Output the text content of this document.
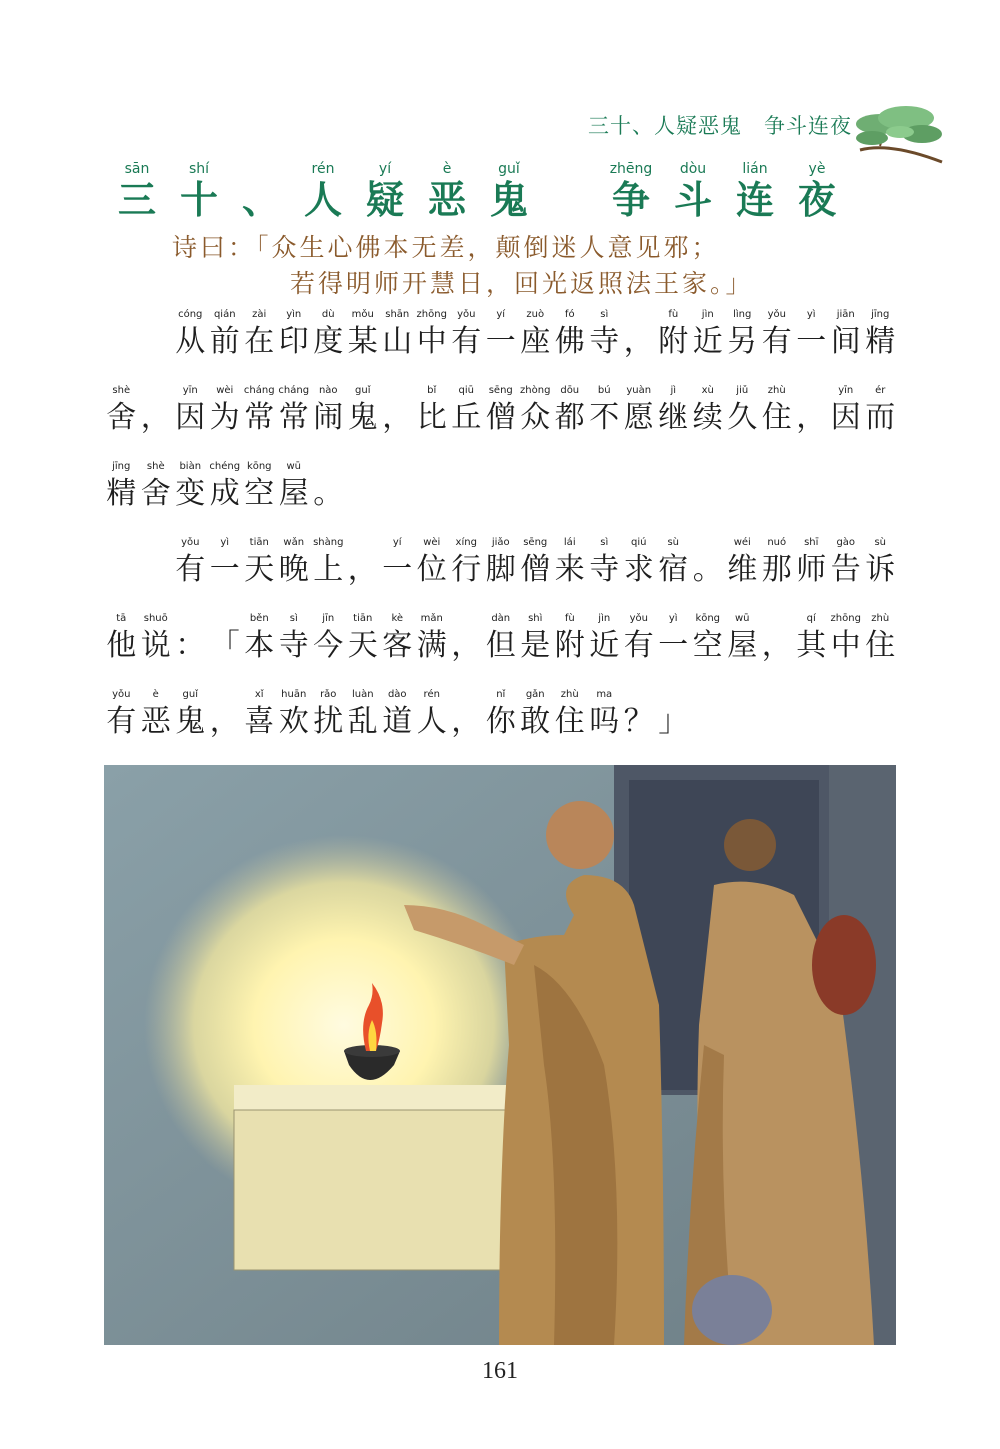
三十、人疑恶鬼　争斗连夜
sān
三
shí
十 、
rén
人
yí
疑
è
恶
guǐ
鬼
zhēng
争
dòu
斗
lián
连
yè
夜
诗曰：「众生心佛本无差，颠倒迷人意见邪；
若得明师开慧日，回光返照法王家。」

cóng
从
qián
前
zài
在
yìn
印
dù
度
mǒu
某
shān
山
zhōng
中
yǒu
有
yí
一
zuò
座
fó
佛
sì
寺 ，
fù
附
jìn
近
lìng
另
yǒu
有
yì
一
jiān
间
jīng
精
shè
舍 ，
yīn
因
wèi
为
cháng
常
cháng
常
nào
闹
guǐ
鬼 ，
bǐ
比
qiū
丘
sēng
僧
zhòng
众
dōu
都
bú
不
yuàn
愿
jì
继
xù
续
jiǔ
久
zhù
住 ，
yīn
因
ér
而
jīng
精
shè
舍
biàn
变
chéng
成
kōng
空
wū
屋 。

yǒu
有
yì
一
tiān
天
wǎn
晚
shàng
上 ，
yí
一
wèi
位
xíng
行
jiǎo
脚
sēng
僧
lái
来
sì
寺
qiú
求
sù
宿 。
wéi
维
nuó
那
shī
师
gào
告
sù
诉
tā
他
shuō
说 ： 「
běn
本
sì
寺
jīn
今
tiān
天
kè
客
mǎn
满 ，
dàn
但
shì
是
fù
附
jìn
近
yǒu
有
yì
一
kōng
空
wū
屋 ，
qí
其
zhōng
中
zhù
住
yǒu
有
è
恶
guǐ
鬼 ，
xǐ
喜
huān
欢
rǎo
扰
luàn
乱
dào
道
rén
人 ，
nǐ
你
gǎn
敢
zhù
住
ma
吗 ？ 」
161
